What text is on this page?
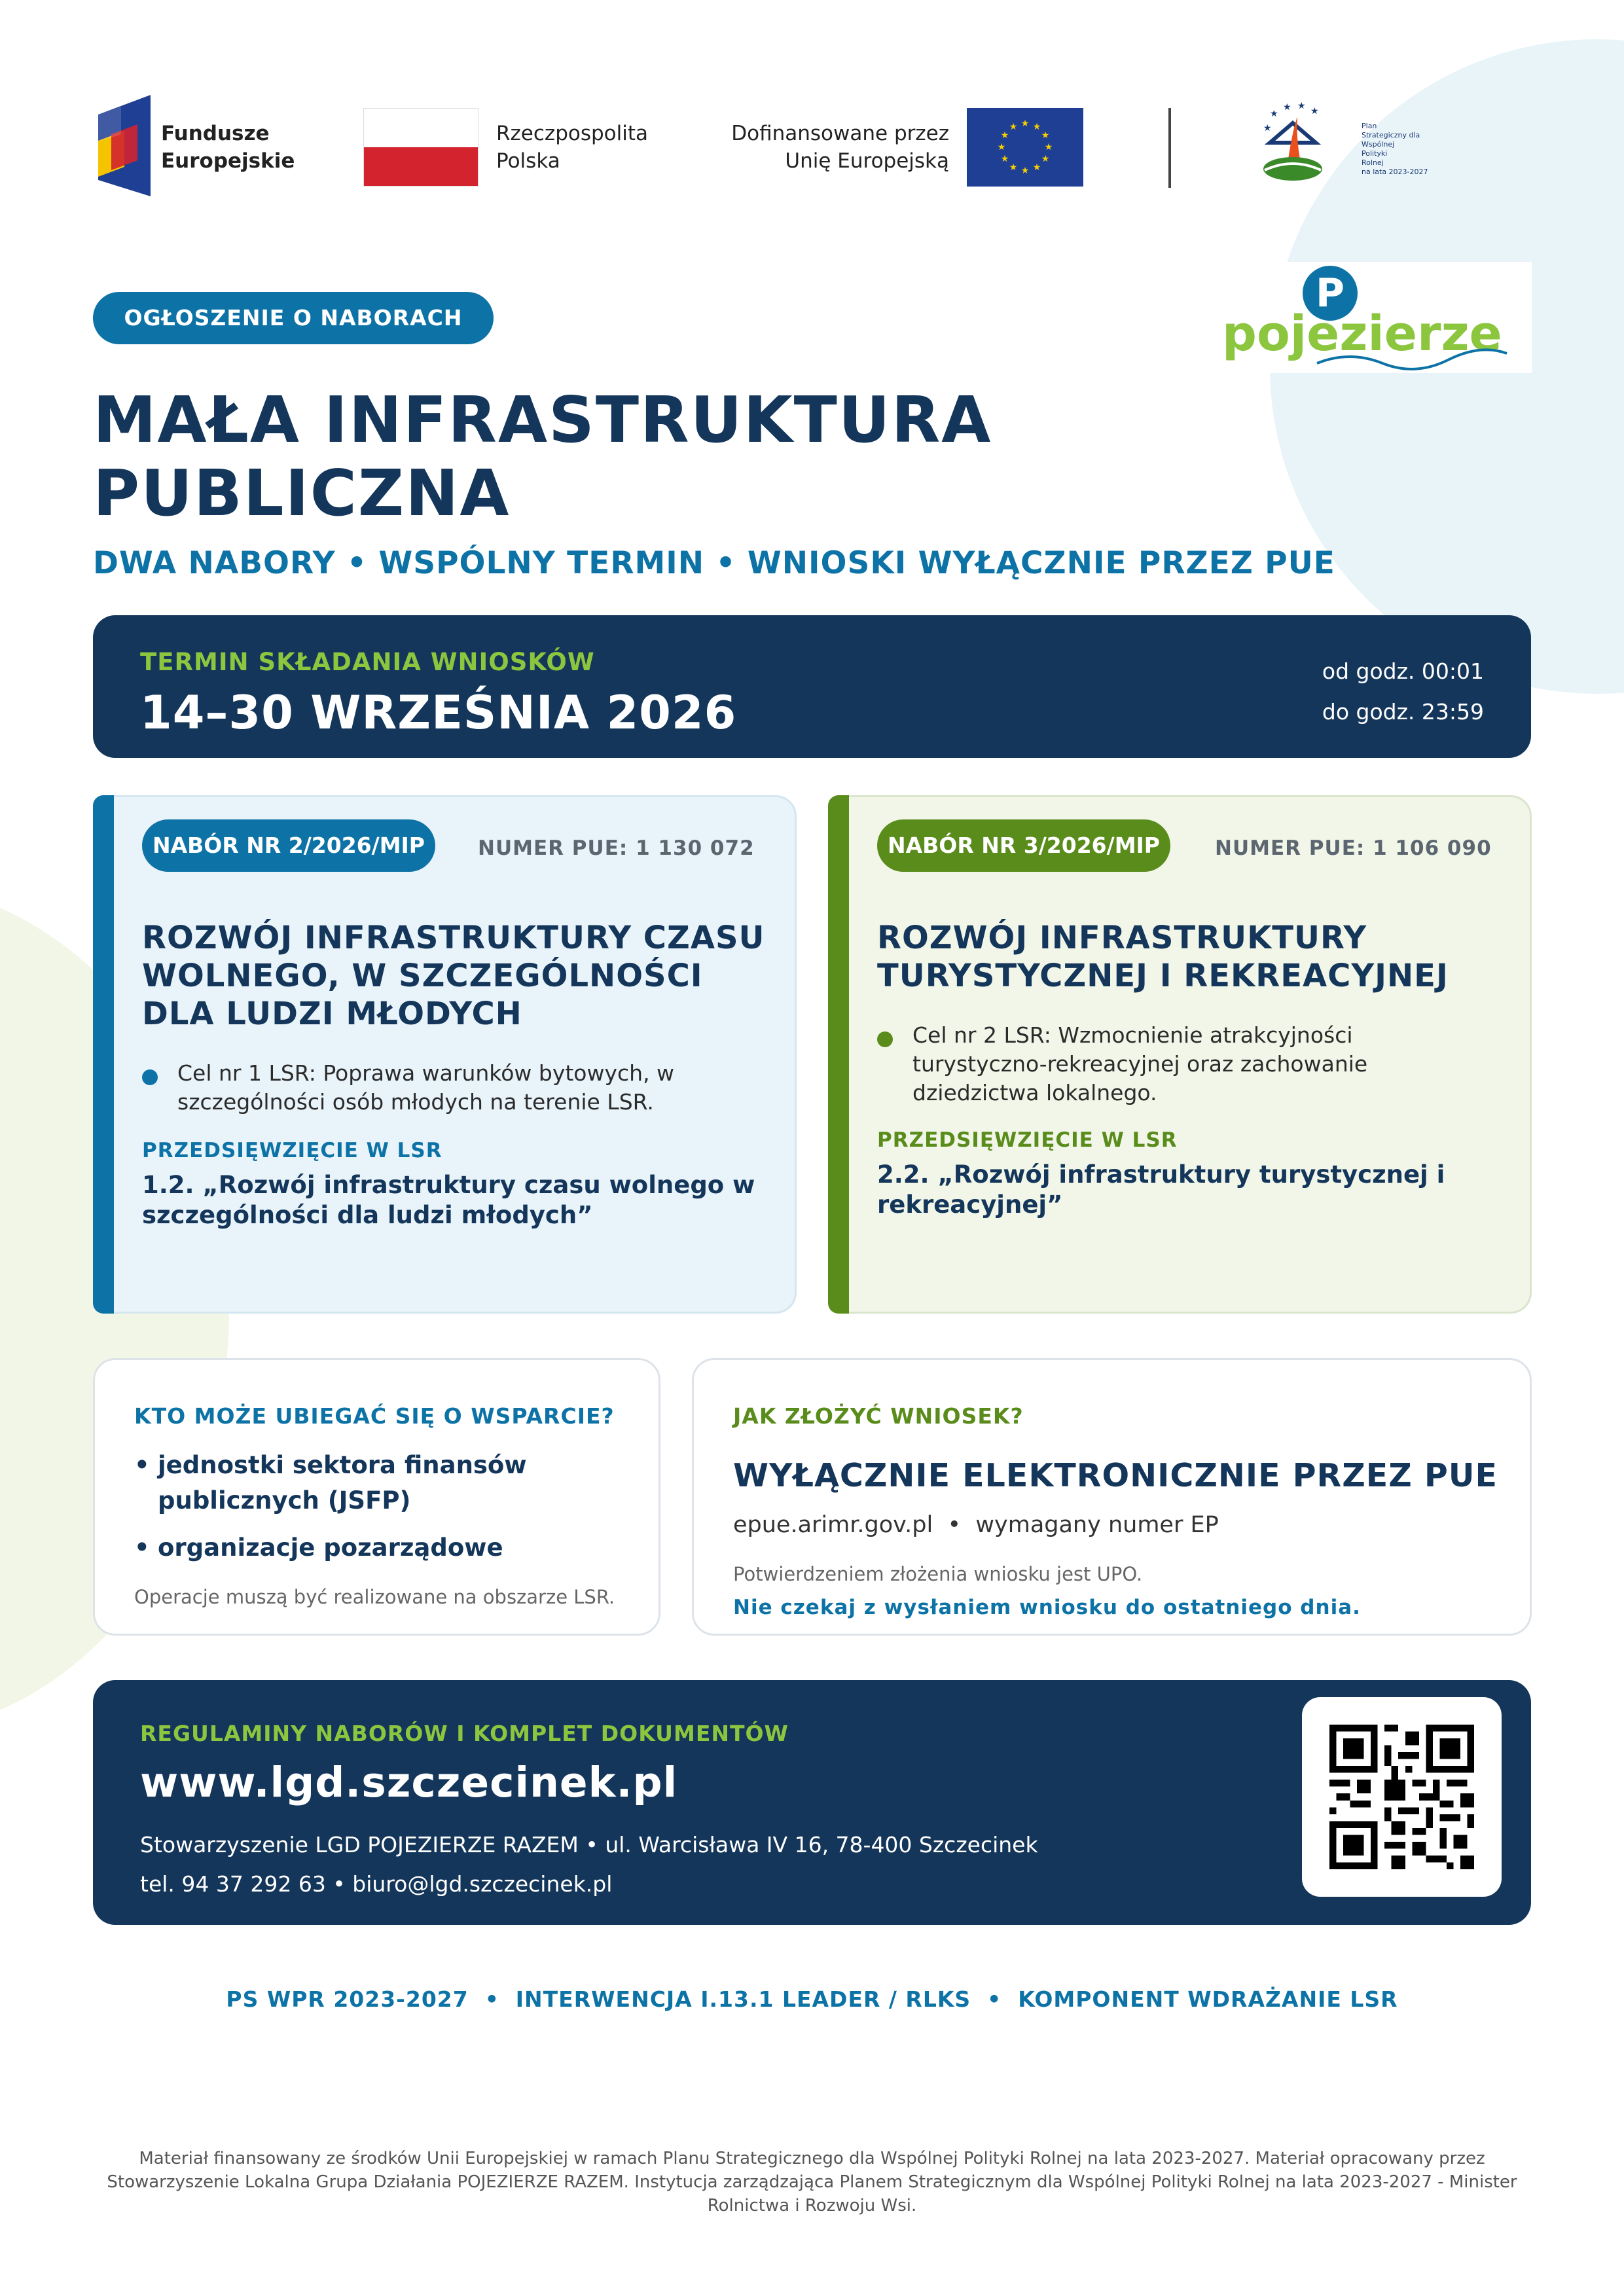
Fundusze
Europejskie
Rzeczpospolita
Polska
Dofinansowane przez
Unię Europejską
★ ★
★
★
★
★
★
★
★
★
★
★
★
★ ★ ★
★	Plan
Strategiczny dla
Wspólnej
Polityki
Rolnej
na lata 2023-2027
P
pojezierze
OGŁOSZENIE O NABORACH
MAŁA INFRASTRUKTURA
PUBLICZNA
DWA NABORY • WSPÓLNY TERMIN • WNIOSKI WYŁĄCZNIE PRZEZ PUE
TERMIN SKŁADANIA WNIOSKÓW
14–30 WRZEŚNIA 2026
od godz. 00:01
do godz. 23:59
NABÓR NR 2/2026/MIP	NUMER PUE: 1 130 072
ROZWÓJ INFRASTRUKTURY CZASU WOLNEGO, W SZCZEGÓLNOŚCI DLA LUDZI MŁODYCH
Cel nr 1 LSR: Poprawa warunków bytowych, w szczególności osób młodych na terenie LSR.
PRZEDSIĘWZIĘCIE W LSR
1.2. „Rozwój infrastruktury czasu wolnego w szczególności dla ludzi młodych”
NABÓR NR 3/2026/MIP	NUMER PUE: 1 106 090
ROZWÓJ INFRASTRUKTURY TURYSTYCZNEJ I REKREACYJNEJ
Cel nr 2 LSR: Wzmocnienie atrakcyjności turystyczno-rekreacyjnej oraz zachowanie dziedzictwa lokalnego.
PRZEDSIĘWZIĘCIE W LSR
2.2. „Rozwój infrastruktury turystycznej i rekreacyjnej”
KTO MOŻE UBIEGAĆ SIĘ O WSPARCIE?
• jednostki sektora finansów publicznych (JSFP)
• organizacje pozarządowe
Operacje muszą być realizowane na obszarze LSR.
JAK ZŁOŻYĆ WNIOSEK?
WYŁĄCZNIE ELEKTRONICZNIE PRZEZ PUE
epue.arimr.gov.pl  •  wymagany numer EP
Potwierdzeniem złożenia wniosku jest UPO.
Nie czekaj z wysłaniem wniosku do ostatniego dnia.
REGULAMINY NABORÓW I KOMPLET DOKUMENTÓW
www.lgd.szczecinek.pl
Stowarzyszenie LGD POJEZIERZE RAZEM • ul. Warcisława IV 16, 78-400 Szczecinek
tel. 94 37 292 63 • biuro@lgd.szczecinek.pl
PS WPR 2023-2027  •  INTERWENCJA I.13.1 LEADER / RLKS  •  KOMPONENT WDRAŻANIE LSR
Materiał finansowany ze środków Unii Europejskiej w ramach Planu Strategicznego dla Wspólnej Polityki Rolnej na lata 2023-2027. Materiał opracowany przez Stowarzyszenie Lokalna Grupa Działania POJEZIERZE RAZEM. Instytucja zarządzająca Planem Strategicznym dla Wspólnej Polityki Rolnej na lata 2023-2027 - Minister Rolnictwa i Rozwoju Wsi.
